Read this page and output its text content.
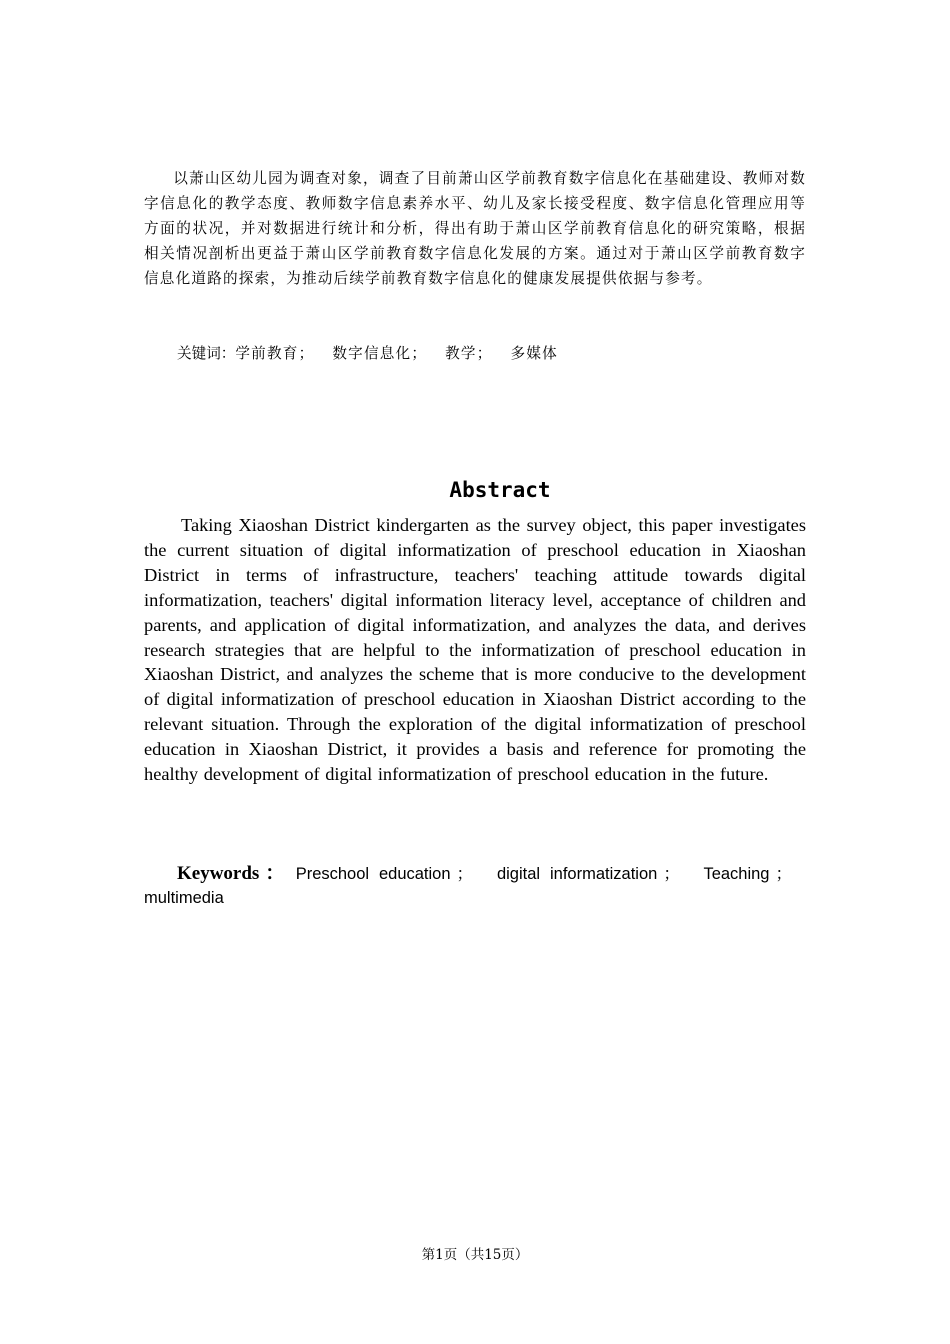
以萧山区幼儿园为调查对象，调查了目前萧山区学前教育数字信息化在基础建设、教师对数字信息化的教学态度、教师数字信息素养水平、幼儿及家长接受程度、数字信息化管理应用等方面的状况，并对数据进行统计和分析，得出有助于萧山区学前教育信息化的研究策略，根据相关情况剖析出更益于萧山区学前教育数字信息化发展的方案。通过对于萧山区学前教育数字信息化道路的探索，为推动后续学前教育数字信息化的健康发展提供依据与参考。

关键词：学前教育； 数字信息化； 教学； 多媒体

Abstract

Taking Xiaoshan District kindergarten as the survey object, this paper investigates the current situation of digital informatization of preschool education in Xiaoshan District in terms of infrastructure, teachers' teaching attitude towards digital informatization, teachers' digital information literacy level, acceptance of children and parents, and application of digital informatization, and analyzes the data, and derives research strategies that are helpful to the informatization of preschool education in Xiaoshan District, and analyzes the scheme that is more conducive to the development of digital informatization of preschool education in Xiaoshan District according to the relevant situation. Through the exploration of the digital informatization of preschool education in Xiaoshan District, it provides a basis and reference for promoting the healthy development of digital informatization of preschool education in the future.

Keywords ： Preschool education ； digital informatization ； Teaching ； multimedia

第1页（共15页）
